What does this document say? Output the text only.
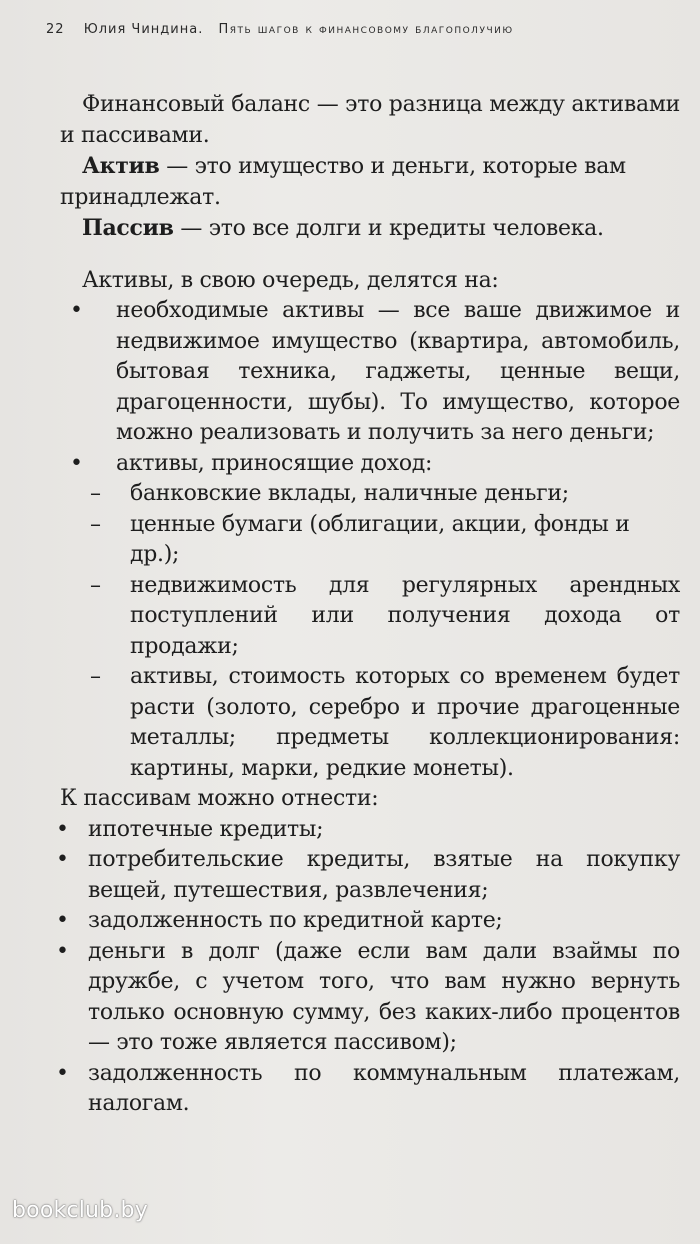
22 Юлия Чиндина. Пять шагов к финансовому благополучию

Финансовый баланс — это разница между активами и пассивами.

Актив — это имущество и деньги, которые вам принадлежат.

Пассив — это все долги и кредиты человека.

Активы, в свою очередь, делятся на:

• необходимые активы — все ваше движимое и недвижимое имущество (квартира, автомобиль, бытовая техника, гаджеты, ценные вещи, драгоценности, шубы). То имущество, которое можно реализовать и получить за него деньги;
• активы, приносящие доход:
– банковские вклады, наличные деньги;
– ценные бумаги (облигации, акции, фонды и др.);
– недвижимость для регулярных арендных поступлений или получения дохода от продажи;
– активы, стоимость которых со временем будет расти (золото, серебро и прочие драгоценные металлы; предметы коллекционирования: картины, марки, редкие монеты).

К пассивам можно отнести:

• ипотечные кредиты;
• потребительские кредиты, взятые на покупку вещей, путешествия, развлечения;
• задолженность по кредитной карте;
• деньги в долг (даже если вам дали взаймы по дружбе, с учетом того, что вам нужно вернуть только основную сумму, без каких-либо процентов — это тоже является пассивом);
• задолженность по коммунальным платежам, налогам.
bookclub.by
